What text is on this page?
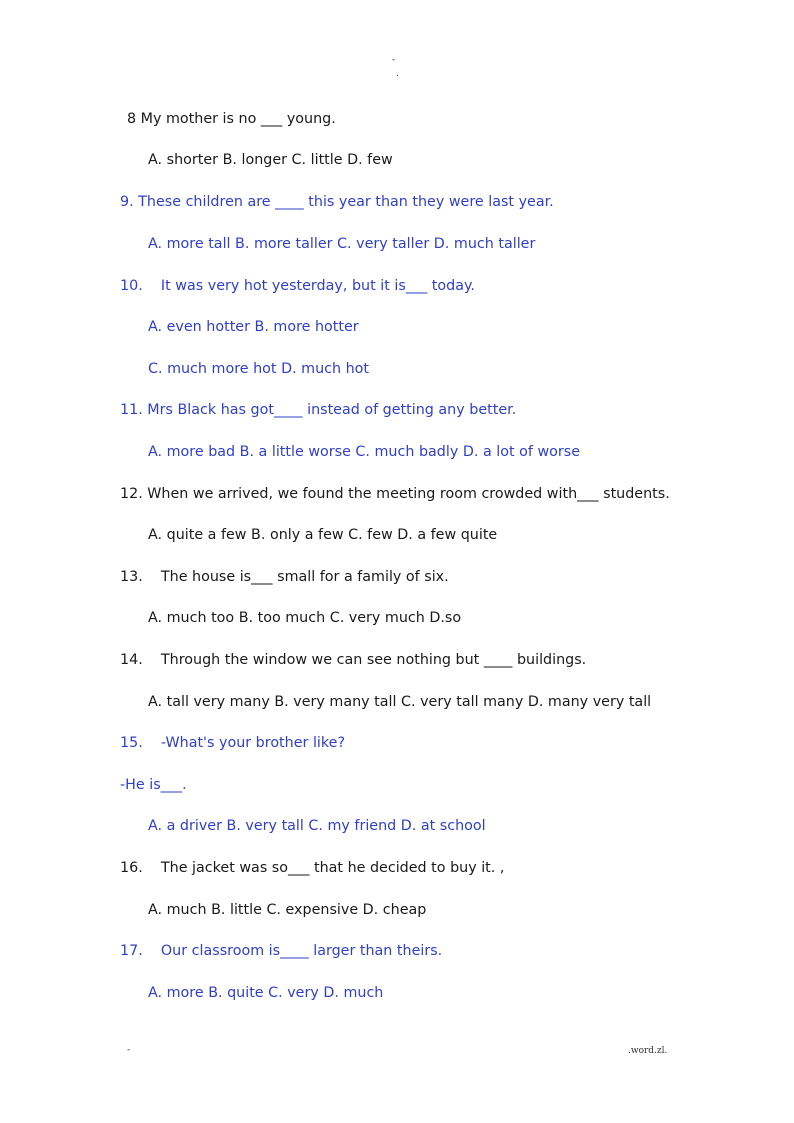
-
.
8 My mother is no ___ young.
A. shorter B. longer C. little D. few
9. These children are ____ this year than they were last year.
A. more tall B. more taller C. very taller D. much taller
10.    It was very hot yesterday, but it is___ today.
A. even hotter B. more hotter
C. much more hot D. much hot
11. Mrs Black has got____ instead of getting any better.
A. more bad B. a little worse C. much badly D. a lot of worse
12. When we arrived, we found the meeting room crowded with___ students.
A. quite a few B. only a few C. few D. a few quite
13.    The house is___ small for a family of six.
A. much too B. too much C. very much D.so
14.    Through the window we can see nothing but ____ buildings.
A. tall very many B. very many tall C. very tall many D. many very tall
15.    -What's your brother like?
-He is___.
A. a driver B. very tall C. my friend D. at school
16.    The jacket was so___ that he decided to buy it. ,
A. much B. little C. expensive D. cheap
17.    Our classroom is____ larger than theirs.
A. more B. quite C. very D. much
-	.word.zl.
